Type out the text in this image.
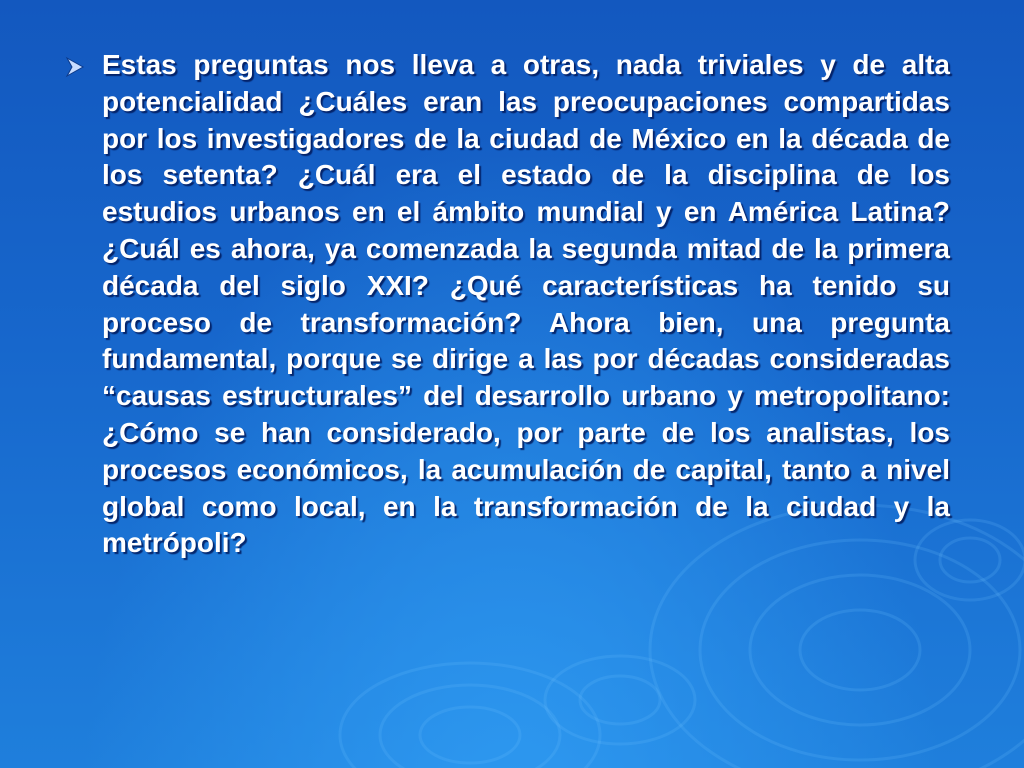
Estas preguntas nos lleva a otras, nada triviales y de alta potencialidad ¿Cuáles eran las preocupaciones compartidas por los investigadores de la ciudad de México en la década de los setenta? ¿Cuál era el estado de la disciplina de los estudios urbanos en el ámbito mundial y en América Latina? ¿Cuál es ahora, ya comenzada la segunda mitad de la primera década del siglo XXI? ¿Qué características ha tenido su proceso de transformación? Ahora bien, una pregunta fundamental, porque se dirige a las por décadas consideradas “causas estructurales” del desarrollo urbano y metropolitano: ¿Cómo se han considerado, por parte de los analistas, los procesos económicos, la acumulación de capital, tanto a nivel global como local, en la transformación de la ciudad y la metrópoli?
